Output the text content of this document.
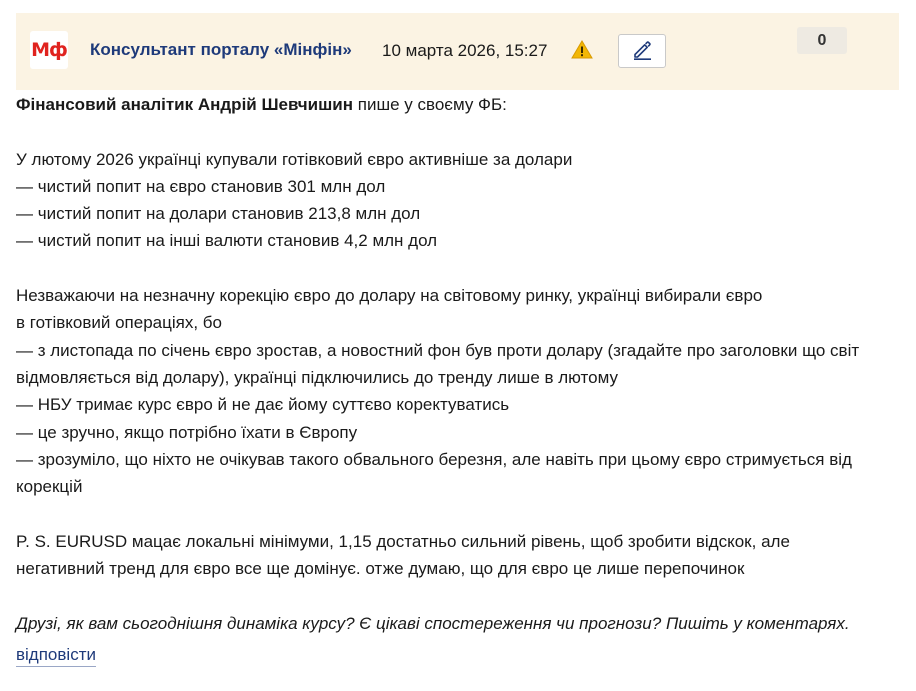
Мф Консультант порталу «Мінфін» 10 марта 2026, 15:27
0

Фінансовий аналітик Андрій Шевчишин пише у своєму ФБ:

У лютому 2026 українці купували готівковий євро активніше за долари

— чистий попит на євро становив 301 млн дол

— чистий попит на долари становив 213,8 млн дол

— чистий попит на інші валюти становив 4,2 млн дол

Незважаючи на незначну корекцію євро до долару на світовому ринку, українці вибирали євро

в готівковий операціях, бо

— з листопада по січень євро зростав, а новостний фон був проти долару (згадайте про заголовки що світ відмовляється від долару), українці підключились до тренду лише в лютому

— НБУ тримає курс євро й не дає йому суттєво коректуватись

— це зручно, якщо потрібно їхати в Європу

— зрозуміло, що ніхто не очікував такого обвального березня, але навіть при цьому євро стримується від корекцій

P. S. EURUSD мацає локальні мінімуми, 1,15 достатньо сильний рівень, щоб зробити відскок, але

негативний тренд для євро все ще домінує. отже думаю, що для євро це лише перепочинок

Друзі, як вам сьогоднішня динаміка курсу? Є цікаві спостереження чи прогнози? Пишіть у коментарях.

відповісти
